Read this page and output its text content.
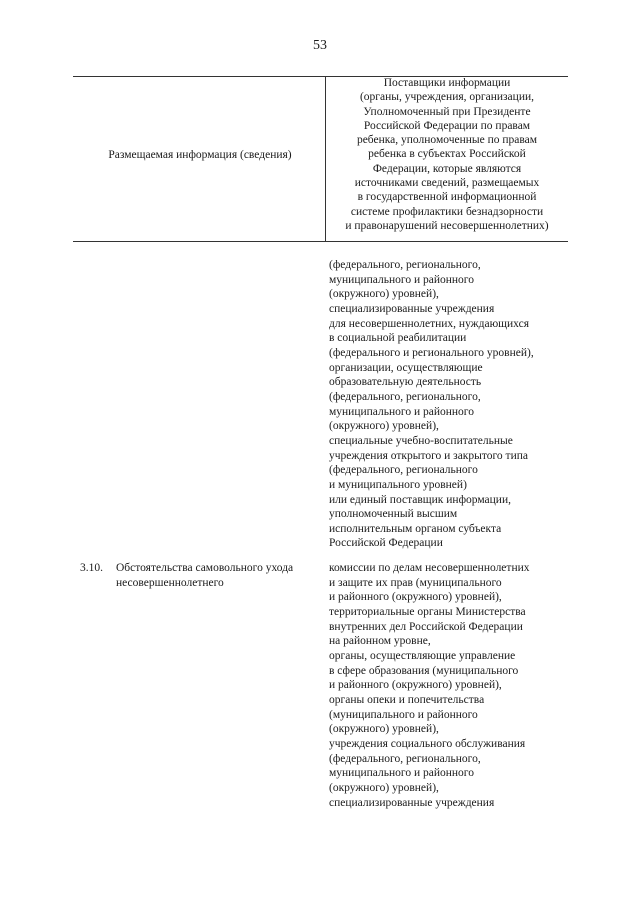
53
Размещаемая информация (сведения)
Поставщики информации
(органы, учреждения, организации,
Уполномоченный при Президенте
Российской Федерации по правам
ребенка, уполномоченные по правам
ребенка в субъектах Российской
Федерации, которые являются
источниками сведений, размещаемых
в государственной информационной
системе профилактики безнадзорности
и правонарушений несовершеннолетних)
(федерального, регионального,
муниципального и районного
(окружного) уровней),
специализированные учреждения
для несовершеннолетних, нуждающихся
в социальной реабилитации
(федерального и регионального уровней),
организации, осуществляющие
образовательную деятельность
(федерального, регионального,
муниципального и районного
(окружного) уровней),
специальные учебно-воспитательные
учреждения открытого и закрытого типа
(федерального, регионального
и муниципального уровней)
или единый поставщик информации,
уполномоченный высшим
исполнительным органом субъекта
Российской Федерации
3.10. Обстоятельства самовольного ухода
несовершеннолетнего
комиссии по делам несовершеннолетних
и защите их прав (муниципального
и районного (окружного) уровней),
территориальные органы Министерства
внутренних дел Российской Федерации
на районном уровне,
органы, осуществляющие управление
в сфере образования (муниципального
и районного (окружного) уровней),
органы опеки и попечительства
(муниципального и районного
(окружного) уровней),
учреждения социального обслуживания
(федерального, регионального,
муниципального и районного
(окружного) уровней),
специализированные учреждения
